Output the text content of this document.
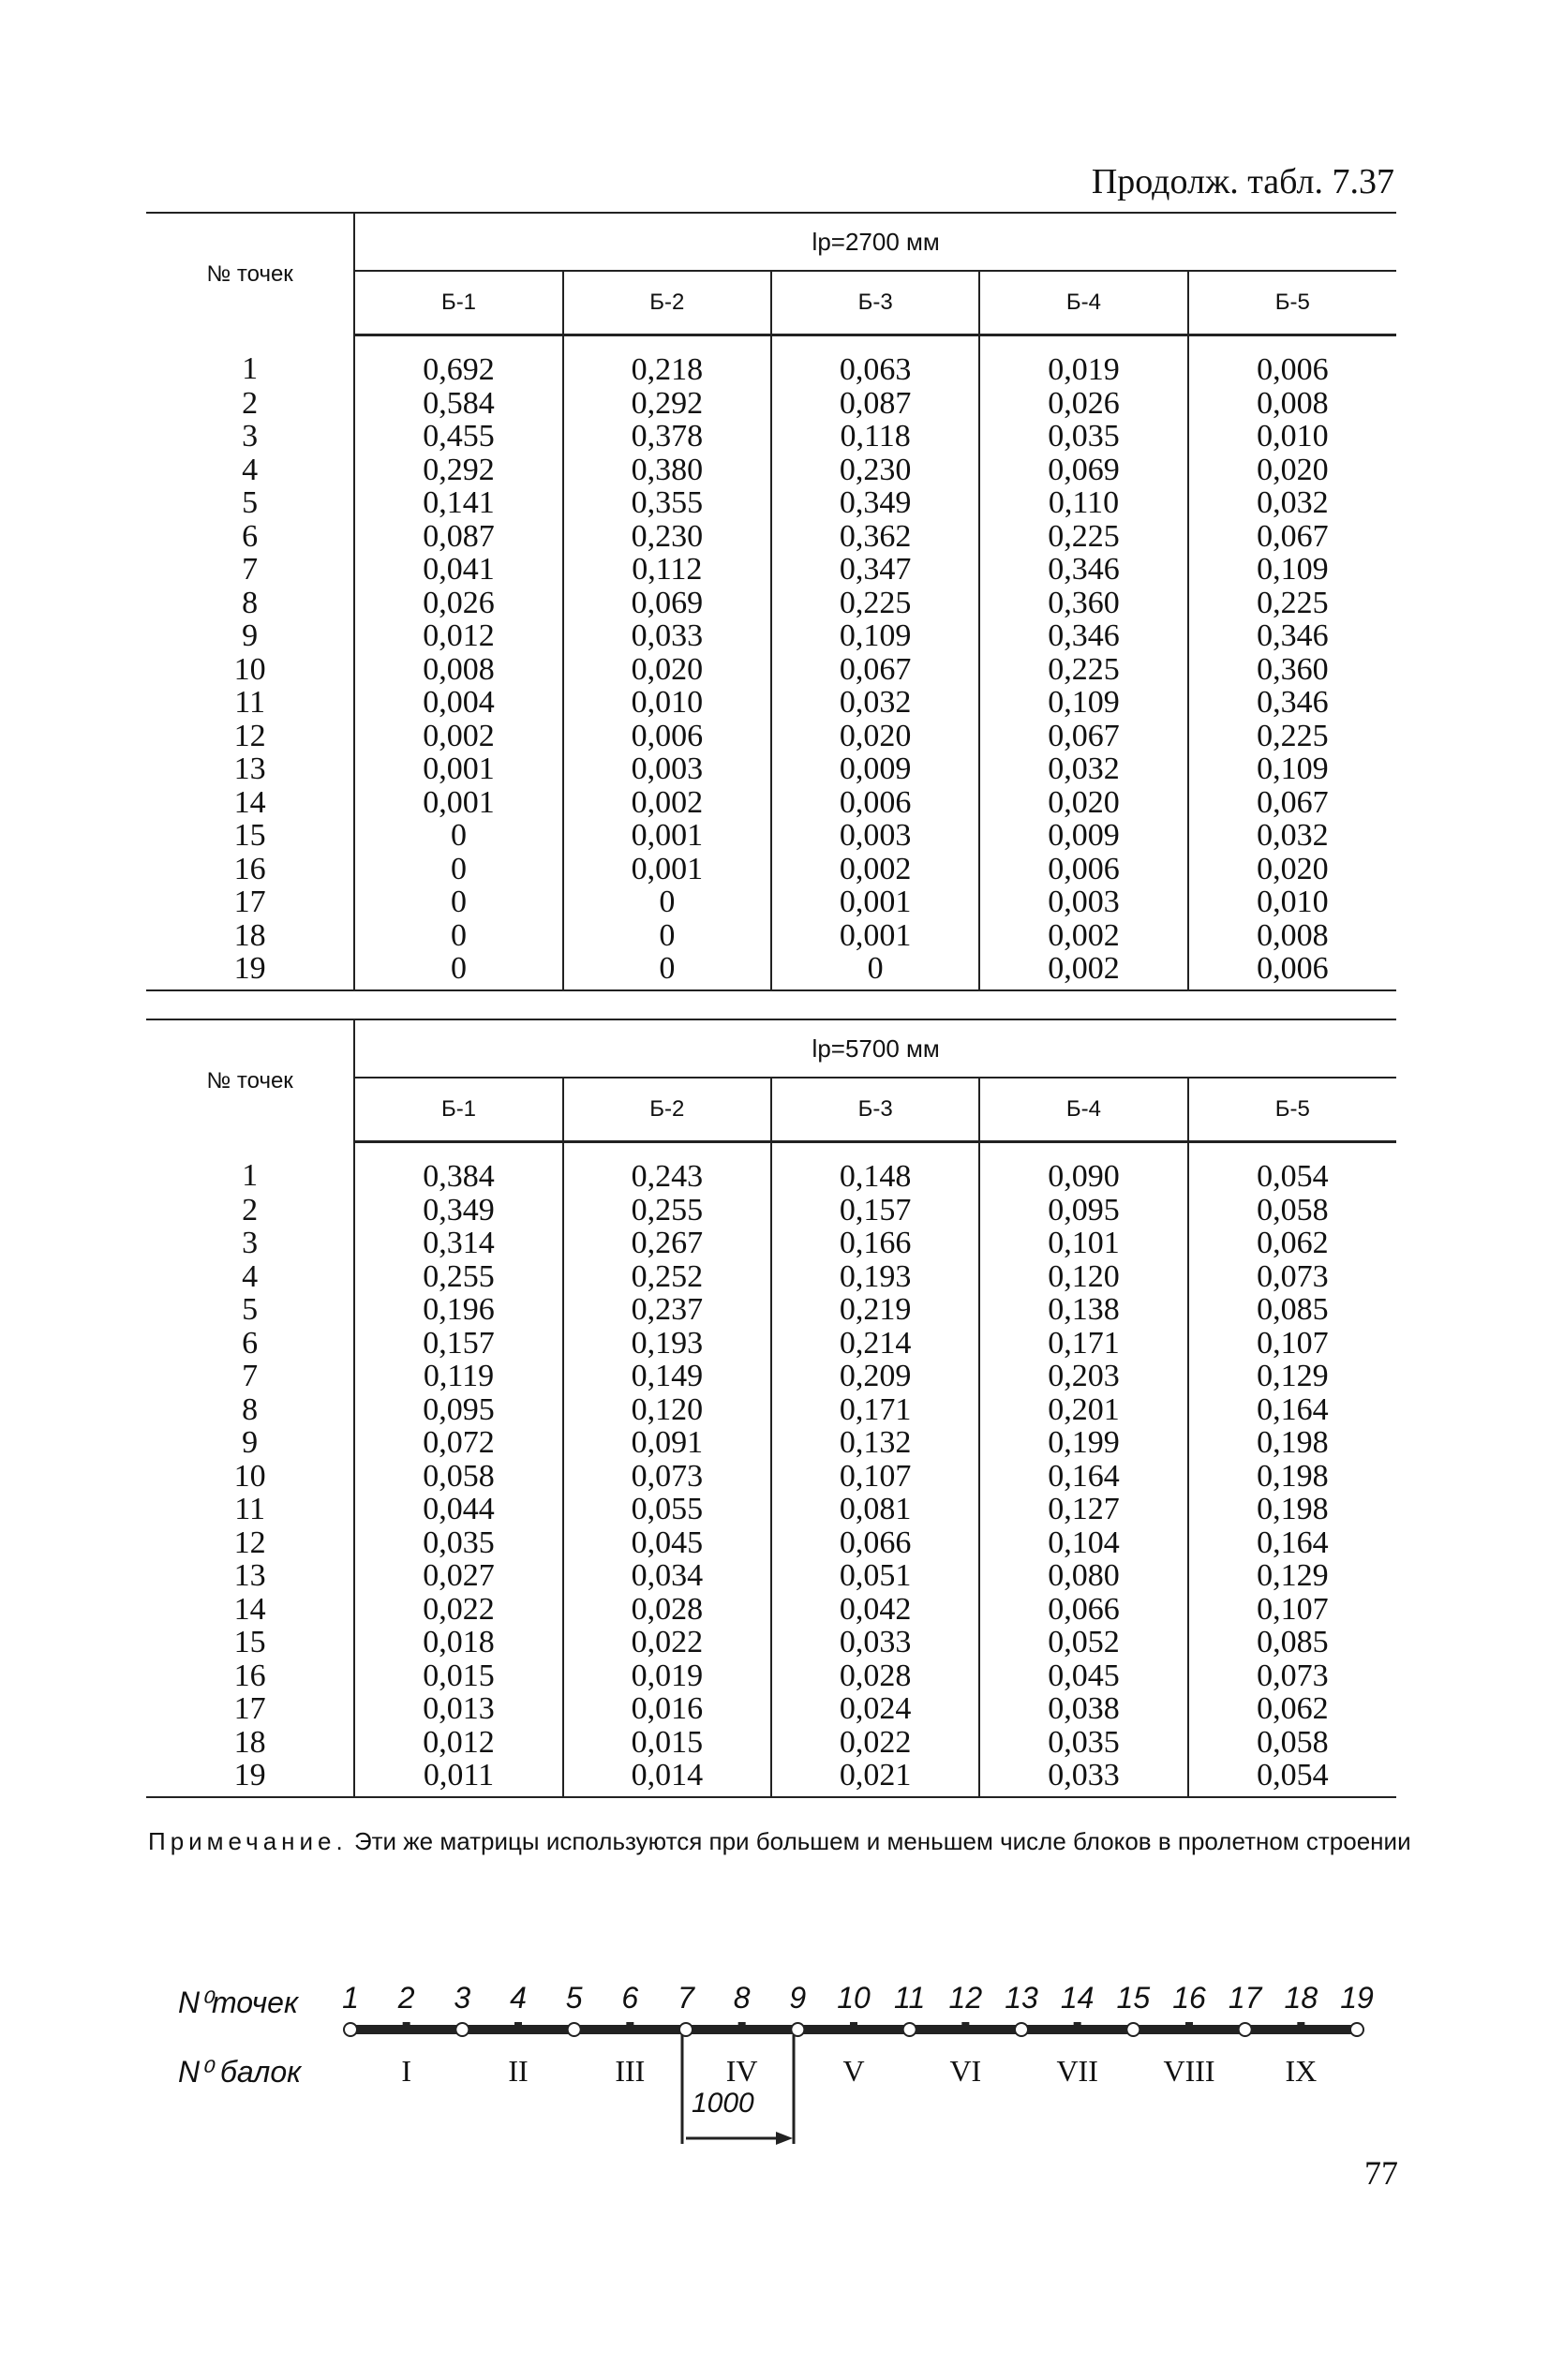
Продолж. табл. 7.37
№ точек	lр=2700 мм				
	Б-1	Б-2	Б-3	Б-4	Б-5
1	0,692	0,218	0,063	0,019	0,006
2	0,584	0,292	0,087	0,026	0,008
3	0,455	0,378	0,118	0,035	0,010
4	0,292	0,380	0,230	0,069	0,020
5	0,141	0,355	0,349	0,110	0,032
6	0,087	0,230	0,362	0,225	0,067
7	0,041	0,112	0,347	0,346	0,109
8	0,026	0,069	0,225	0,360	0,225
9	0,012	0,033	0,109	0,346	0,346
10	0,008	0,020	0,067	0,225	0,360
11	0,004	0,010	0,032	0,109	0,346
12	0,002	0,006	0,020	0,067	0,225
13	0,001	0,003	0,009	0,032	0,109
14	0,001	0,002	0,006	0,020	0,067
15	0	0,001	0,003	0,009	0,032
16	0	0,001	0,002	0,006	0,020
17	0	0	0,001	0,003	0,010
18	0	0	0,001	0,002	0,008
19	0	0	0	0,002	0,006
№ точек	lр=5700 мм				
	Б-1	Б-2	Б-3	Б-4	Б-5
1	0,384	0,243	0,148	0,090	0,054
2	0,349	0,255	0,157	0,095	0,058
3	0,314	0,267	0,166	0,101	0,062
4	0,255	0,252	0,193	0,120	0,073
5	0,196	0,237	0,219	0,138	0,085
6	0,157	0,193	0,214	0,171	0,107
7	0,119	0,149	0,209	0,203	0,129
8	0,095	0,120	0,171	0,201	0,164
9	0,072	0,091	0,132	0,199	0,198
10	0,058	0,073	0,107	0,164	0,198
11	0,044	0,055	0,081	0,127	0,198
12	0,035	0,045	0,066	0,104	0,164
13	0,027	0,034	0,051	0,080	0,129
14	0,022	0,028	0,042	0,066	0,107
15	0,018	0,022	0,033	0,052	0,085
16	0,015	0,019	0,028	0,045	0,073
17	0,013	0,016	0,024	0,038	0,062
18	0,012	0,015	0,022	0,035	0,058
19	0,011	0,014	0,021	0,033	0,054
Примечание. Эти же матрицы используются при большем и меньшем числе блоков в пролетном строении
N⁰точек
N⁰ балок
1	2	3	4	5	6	7	8	9	10 11 12 13 14 15 16 17 18 19
I	II	III	IV	V	VI	VII	VIII	IX
1000
77
